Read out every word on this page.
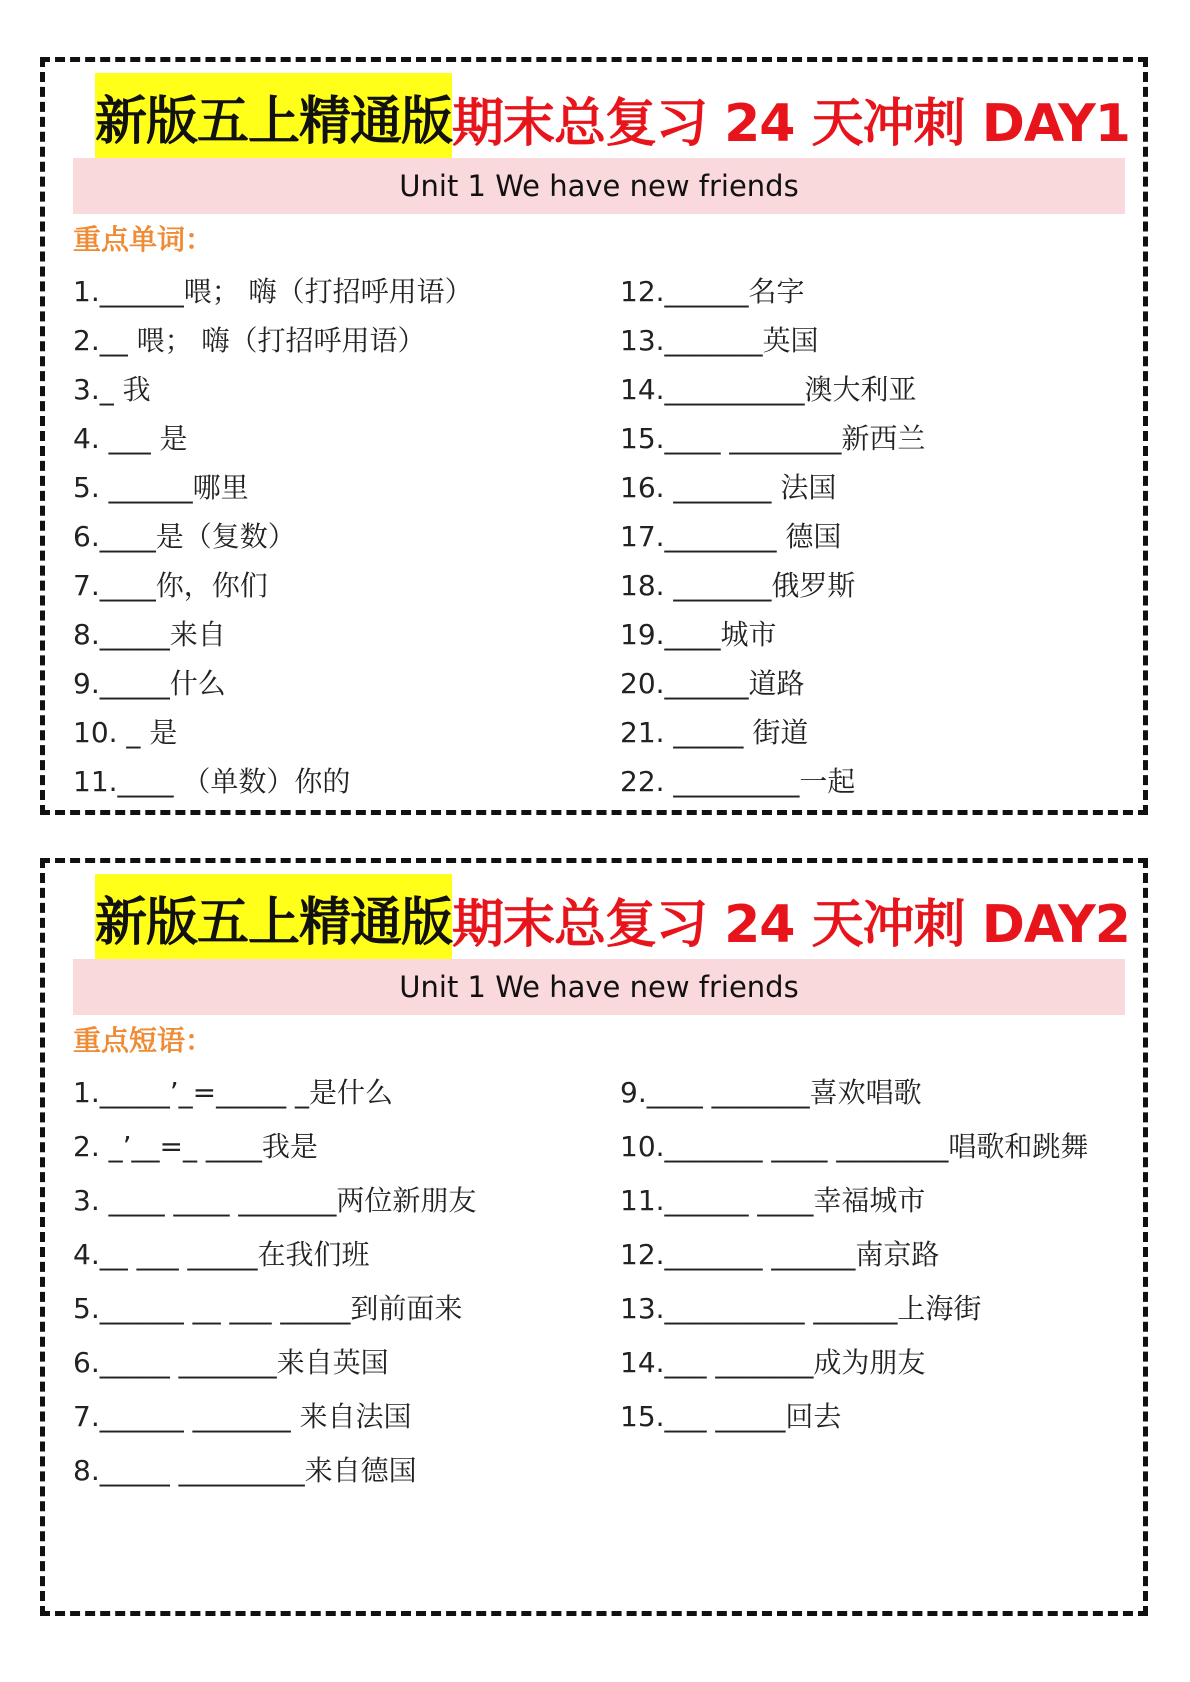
新版五上精通版 期末总复习 24 天冲刺 DAY1
Unit 1 We have new friends
重点单词：
1.______喂； 嗨（打招呼用语）
2.__ 喂； 嗨（打招呼用语）
3._ 我
4. ___ 是
5. ______哪里
6.____是（复数）
7.____你，你们
8._____来自
9._____什么
10. _ 是
11.____ （单数）你的
12.______名字
13._______英国
14.__________澳大利亚
15.____ ________新西兰
16. _______ 法国
17.________ 德国
18. _______俄罗斯
19.____城市
20.______道路
21. _____ 街道
22. _________一起
新版五上精通版 期末总复习 24 天冲刺 DAY2
Unit 1 We have new friends
重点短语：
1._____’_=_____ _是什么
2. _’__=_ ____我是
3. ____ ____ _______两位新朋友
4.__ ___ _____在我们班
5.______ __ ___ _____到前面来
6._____ _______来自英国
7.______ _______ 来自法国
8._____ _________来自德国
9.____ _______喜欢唱歌
10._______ ____ ________唱歌和跳舞
11.______ ____幸福城市
12._______ ______南京路
13.__________ ______上海街
14.___ _______成为朋友
15.___ _____回去
